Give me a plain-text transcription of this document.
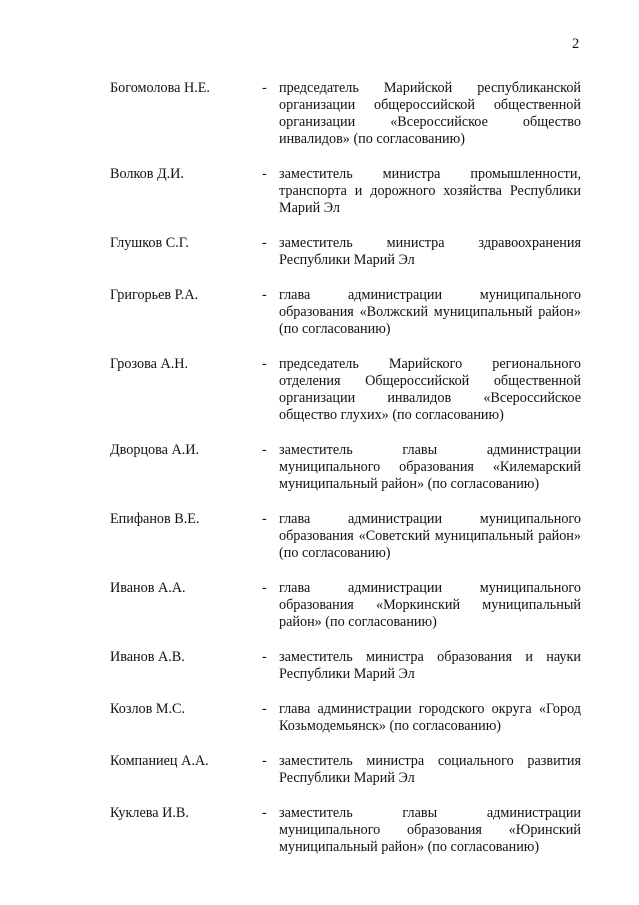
2
Богомолова Н.Е.	- председатель Марийской республиканской организации общероссийской общественной организации «Всероссийское общество инвалидов» (по согласованию)
Волков Д.И.	- заместитель министра промышленности, транспорта и дорожного хозяйства Республики Марий Эл
Глушков С.Г.	- заместитель министра здравоохранения Республики Марий Эл
Григорьев Р.А.	- глава администрации муниципального образования «Волжский муниципальный район» (по согласованию)
Грозова А.Н.	- председатель Марийского регионального отделения Общероссийской общественной организации инвалидов «Всероссийское общество глухих» (по согласованию)
Дворцова А.И.	- заместитель главы администрации муниципального образования «Килемарский муниципальный район» (по согласованию)
Епифанов В.Е.	- глава администрации муниципального образования «Советский муниципальный район» (по согласованию)
Иванов А.А.	- глава администрации муниципального образования «Моркинский муниципальный район» (по согласованию)
Иванов А.В.	- заместитель министра образования и науки Республики Марий Эл
Козлов М.С.	- глава администрации городского округа «Город Козьмодемьянск» (по согласованию)
Компаниец А.А.	- заместитель министра социального развития Республики Марий Эл
Куклева И.В.	- заместитель главы администрации муниципального образования «Юринский муниципальный район» (по согласованию)
